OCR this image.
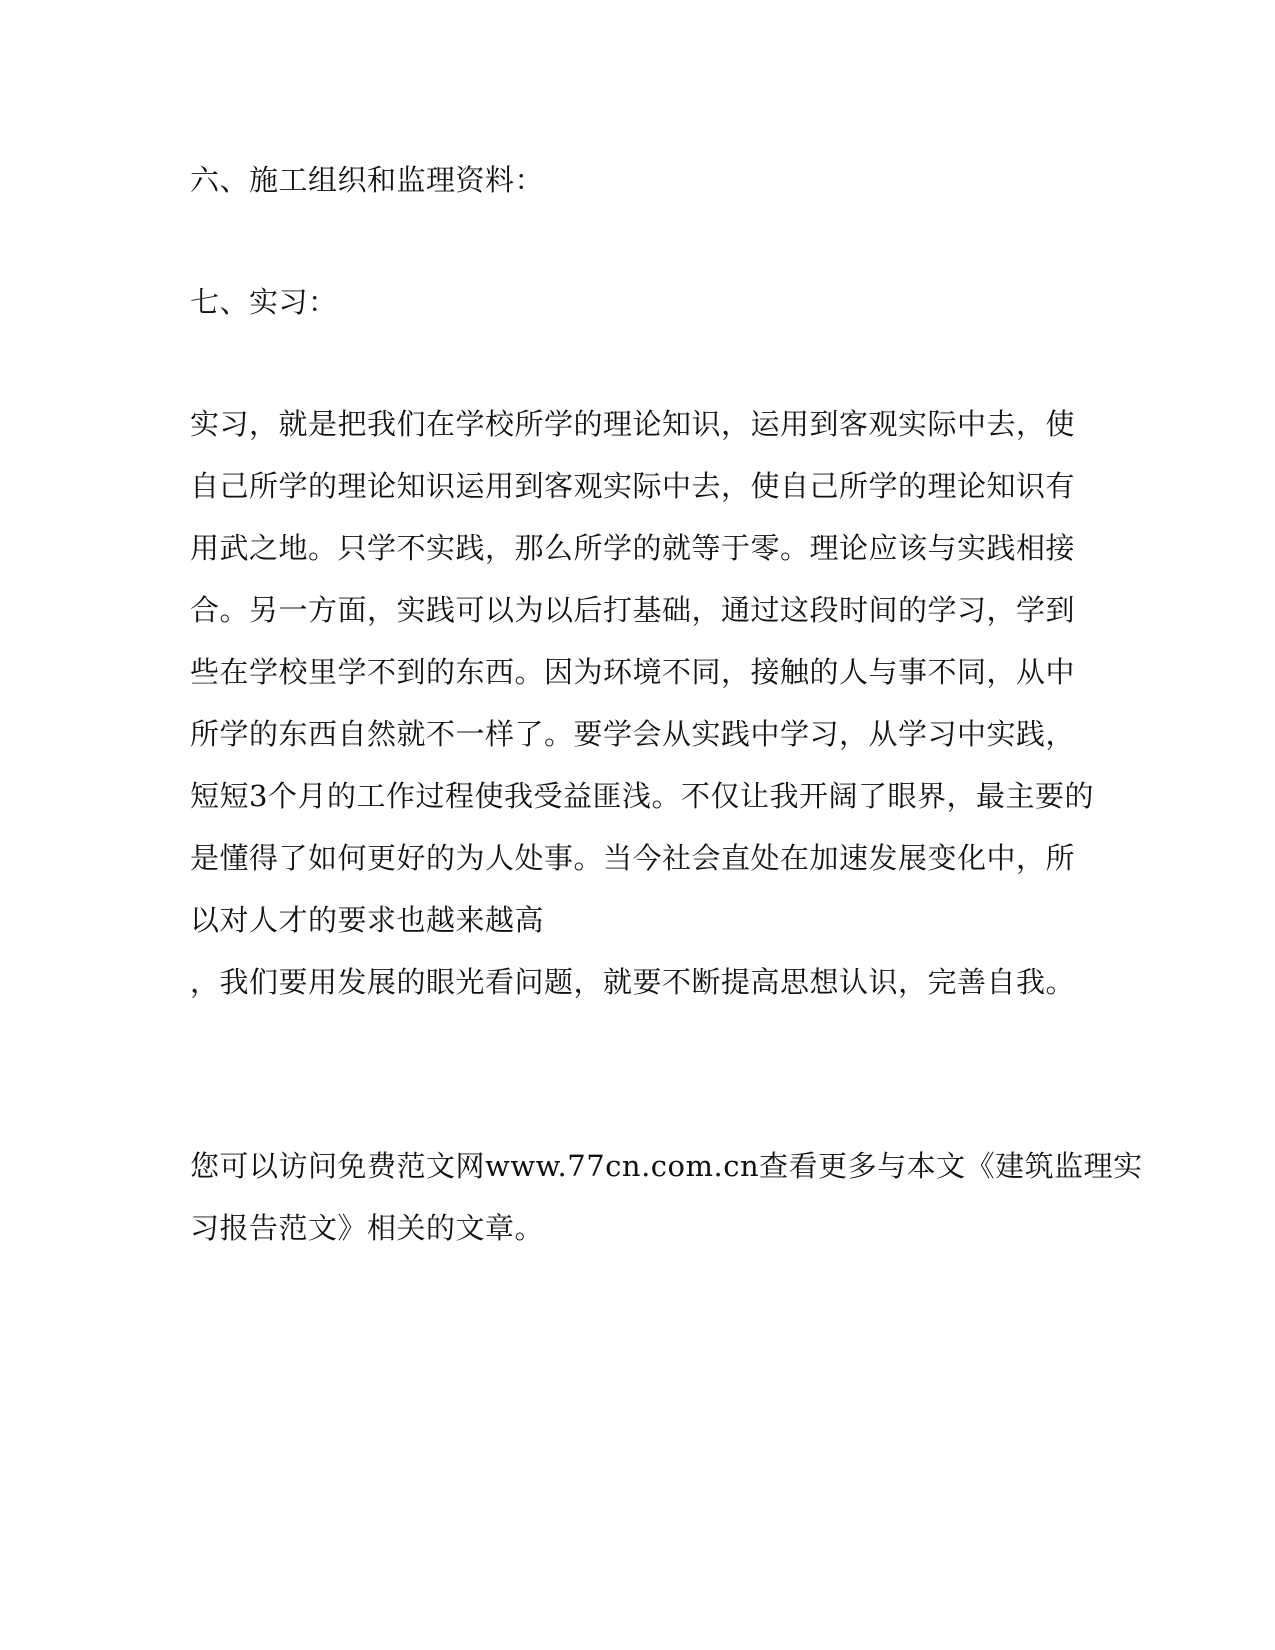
六、施工组织和监理资料：
七、实习：
实习，就是把我们在学校所学的理论知识，运用到客观实际中去，使
自己所学的理论知识运用到客观实际中去，使自己所学的理论知识有
用武之地。只学不实践，那么所学的就等于零。理论应该与实践相接
合。另一方面，实践可以为以后打基础，通过这段时间的学习，学到
些在学校里学不到的东西。因为环境不同，接触的人与事不同，从中
所学的东西自然就不一样了。要学会从实践中学习，从学习中实践，
短短3个月的工作过程使我受益匪浅。不仅让我开阔了眼界，最主要的
是懂得了如何更好的为人处事。当今社会直处在加速发展变化中，所
以对人才的要求也越来越高
，我们要用发展的眼光看问题，就要不断提高思想认识，完善自我。
您可以访问免费范文网www.77cn.com.cn查看更多与本文《建筑监理实
习报告范文》相关的文章。
